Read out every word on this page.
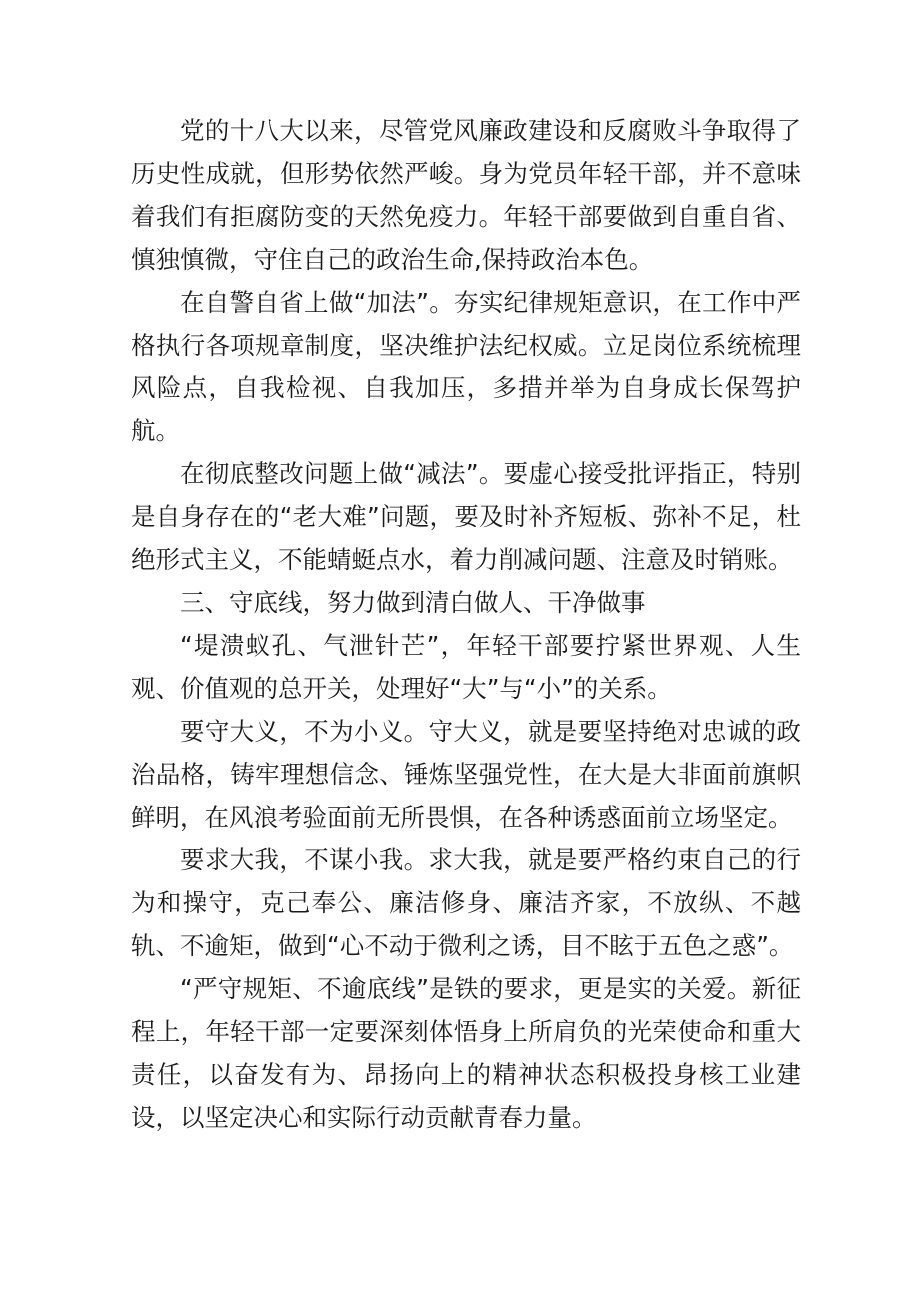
党的十八大以来，尽管党风廉政建设和反腐败斗争取得了历史性成就，但形势依然严峻。身为党员年轻干部，并不意味着我们有拒腐防变的天然免疫力。年轻干部要做到自重自省、慎独慎微，守住自己的政治生命,保持政治本色。

在自警自省上做“加法”。夯实纪律规矩意识，在工作中严格执行各项规章制度，坚决维护法纪权威。立足岗位系统梳理风险点，自我检视、自我加压，多措并举为自身成长保驾护航。

在彻底整改问题上做“减法”。要虚心接受批评指正，特别是自身存在的“老大难”问题，要及时补齐短板、弥补不足，杜绝形式主义，不能蜻蜓点水，着力削减问题、注意及时销账。

三、守底线，努力做到清白做人、干净做事

“堤溃蚁孔、气泄针芒”，年轻干部要拧紧世界观、人生观、价值观的总开关，处理好“大”与“小”的关系。

要守大义，不为小义。守大义，就是要坚持绝对忠诚的政治品格，铸牢理想信念、锤炼坚强党性，在大是大非面前旗帜鲜明，在风浪考验面前无所畏惧，在各种诱惑面前立场坚定。

要求大我，不谋小我。求大我，就是要严格约束自己的行为和操守，克己奉公、廉洁修身、廉洁齐家，不放纵、不越轨、不逾矩，做到“心不动于微利之诱，目不眩于五色之惑”。

“严守规矩、不逾底线”是铁的要求，更是实的关爱。新征程上，年轻干部一定要深刻体悟身上所肩负的光荣使命和重大责任，以奋发有为、昂扬向上的精神状态积极投身核工业建设，以坚定决心和实际行动贡献青春力量。
